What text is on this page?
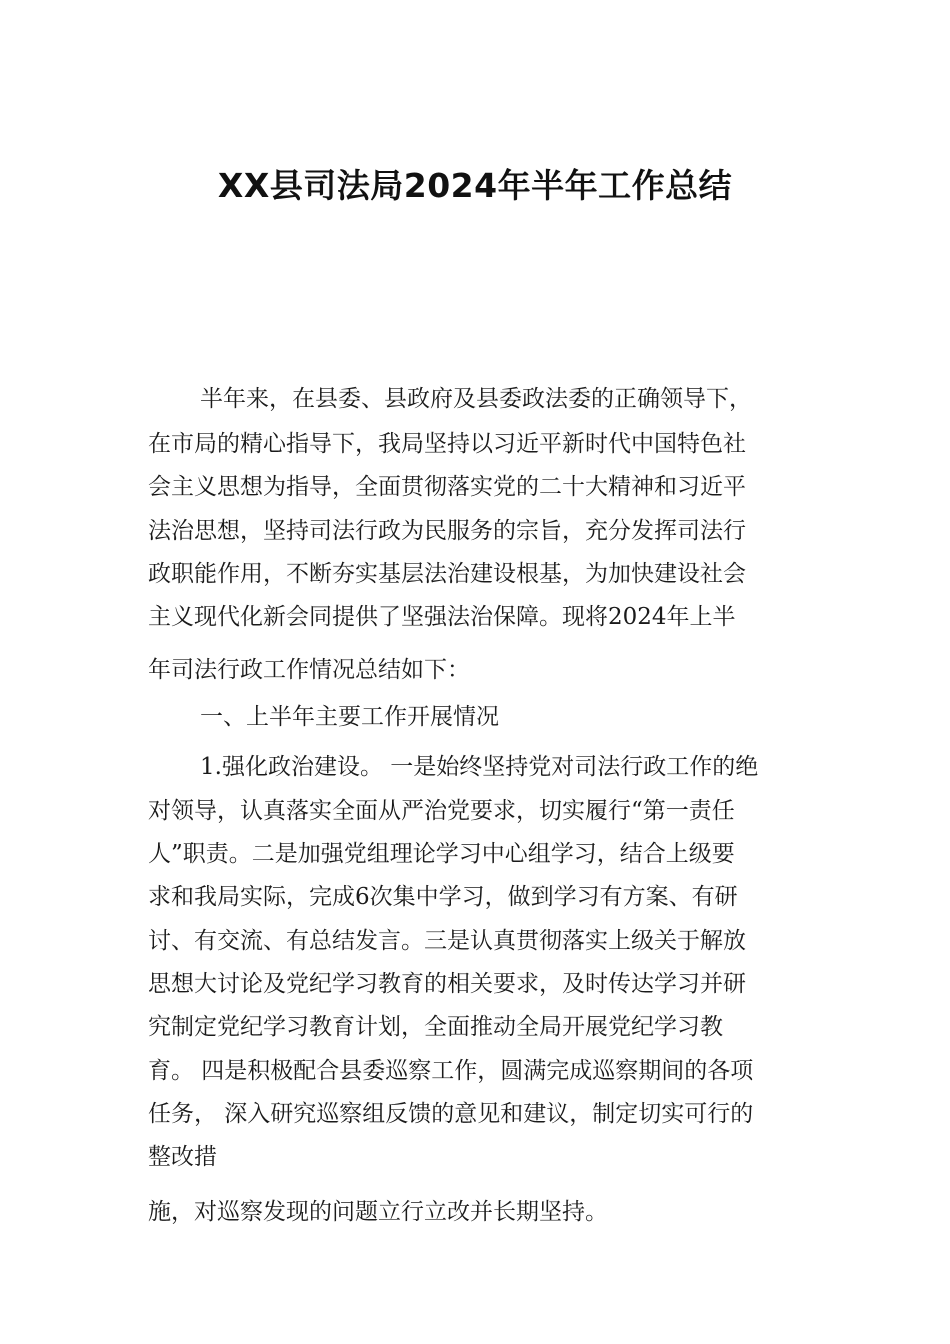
XX县司法局2024年半年工作总结
半年来，在县委、县政府及县委政法委的正确领导下，
在市局的精心指导下，我局坚持以习近平新时代中国特色社
会主义思想为指导，全面贯彻落实党的二十大精神和习近平
法治思想，坚持司法行政为民服务的宗旨，充分发挥司法行
政职能作用，不断夯实基层法治建设根基，为加快建设社会
主义现代化新会同提供了坚强法治保障。现将2024年上半
年司法行政工作情况总结如下：
一、上半年主要工作开展情况
1.强化政治建设。 一是始终坚持党对司法行政工作的绝
对领导，认真落实全面从严治党要求，切实履行“第一责任
人”职责。二是加强党组理论学习中心组学习，结合上级要
求和我局实际，完成6次集中学习，做到学习有方案、有研
讨、有交流、有总结发言。三是认真贯彻落实上级关于解放
思想大讨论及党纪学习教育的相关要求，及时传达学习并研
究制定党纪学习教育计划，全面推动全局开展党纪学习教
育。 四是积极配合县委巡察工作，圆满完成巡察期间的各项
任务， 深入研究巡察组反馈的意见和建议，制定切实可行的
整改措
施，对巡察发现的问题立行立改并长期坚持。
